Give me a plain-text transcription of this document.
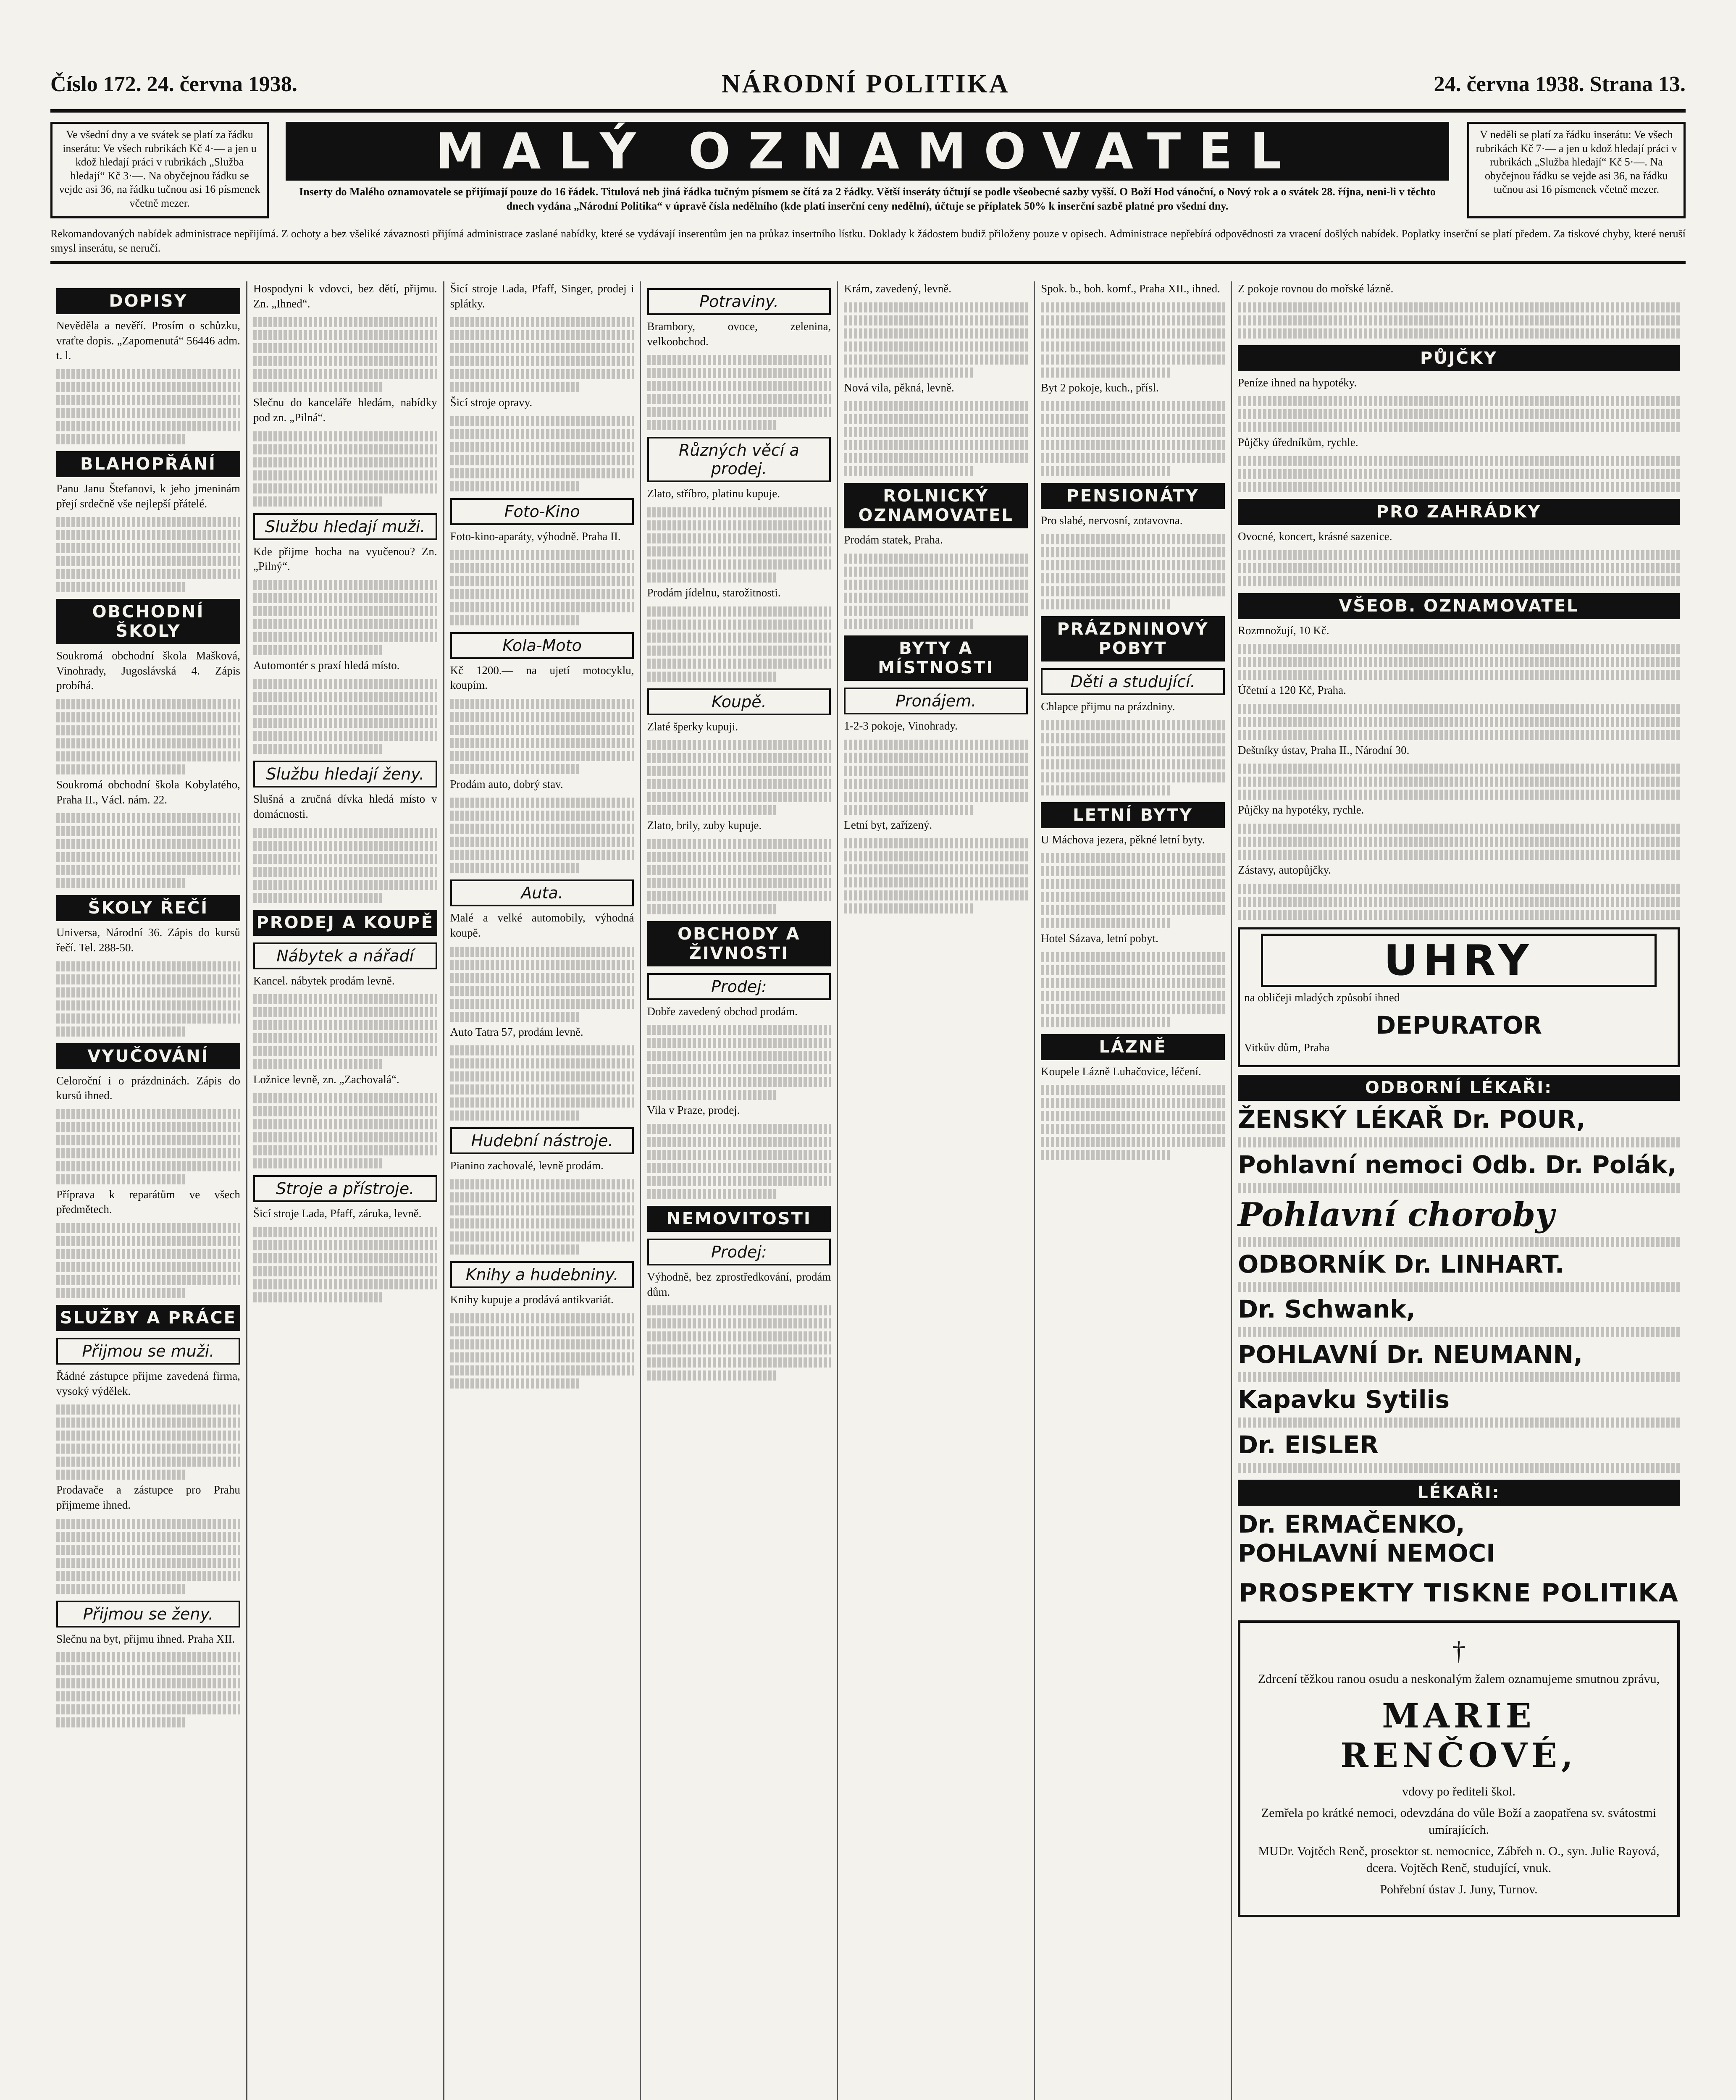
Číslo 172. 24. června 1938.	NÁRODNÍ POLITIKA	24. června 1938. Strana 13.
Ve všední dny a ve svátek se platí za řádku inserátu: Ve všech rubrikách Kč 4·— a jen u kdož hledají práci v rubrikách „Služba hledají“ Kč 3·—. Na obyčejnou řádku se vejde asi 36, na řádku tučnou asi 16 písmenek včetně mezer.
MALÝ OZNAMOVATEL
Inserty do Malého oznamovatele se přijímají pouze do 16 řádek. Titulová neb jiná řádka tučným písmem se čítá za 2 řádky. Větší inseráty účtují se podle všeobecné sazby vyšší. O Boží Hod vánoční, o Nový rok a o svátek 28. října, neni-li v těchto dnech vydána „Národní Politika“ v úpravě čísla nedělního (kde platí inserční ceny nedělní), účtuje se příplatek 50% k inserční sazbě platné pro všední dny.
V neděli se platí za řádku inserátu: Ve všech rubrikách Kč 7·— a jen u kdož hledají práci v rubrikách „Služba hledají“ Kč 5·—. Na obyčejnou řádku se vejde asi 36, na řádku tučnou asi 16 písmenek včetně mezer.
Rekomandovaných nabídek administrace nepřijímá. Z ochoty a bez všeliké závaznosti přijímá administrace zaslané nabídky, které se vydávají inserentům jen na průkaz insertního lístku. Doklady k žádostem budiž přiloženy pouze v opisech. Administrace nepřebírá odpovědnosti za vracení došlých nabídek. Poplatky inserční se platí předem. Za tiskové chyby, které neruší smysl inserátu, se neručí.
DOPISY
Nevěděla a nevěří. Prosím o schůzku, vraťte dopis. „Zapomenutá“ 56446 adm. t. l.
BLAHOPŘÁNÍ
Panu Janu Štefanovi, k jeho jmeninám přejí srdečně vše nejlepší přátelé.
OBCHODNÍ ŠKOLY
Soukromá obchodní škola Mašková, Vinohrady, Jugoslávská 4. Zápis probíhá.
Soukromá obchodní škola Kobylatého, Praha II., Václ. nám. 22.
ŠKOLY ŘEČÍ
Universa, Národní 36. Zápis do kursů řečí. Tel. 288-50.
VYUČOVÁNÍ
Celoroční i o prázdninách. Zápis do kursů ihned.
Příprava k reparátům ve všech předmětech.
SLUŽBY A PRÁCE
Přijmou se muži.
Řádné zástupce přijme zavedená firma, vysoký výdělek.
Prodavače a zástupce pro Prahu přijmeme ihned.
Přijmou se ženy.
Slečnu na byt, přijmu ihned. Praha XII.
Hospodyni k vdovci, bez dětí, přijmu. Zn. „Ihned“.
Slečnu do kanceláře hledám, nabídky pod zn. „Pilná“.
Službu hledají muži.
Kde přijme hocha na vyučenou? Zn. „Pilný“.
Automontér s praxí hledá místo.
Službu hledají ženy.
Slušná a zručná dívka hledá místo v domácnosti.
PRODEJ A KOUPĚ
Nábytek a nářadí
Kancel. nábytek prodám levně.
Ložnice levně, zn. „Zachovalá“.
Stroje a přístroje.
Šicí stroje Lada, Pfaff, záruka, levně.
Šicí stroje Lada, Pfaff, Singer, prodej i splátky.
Šicí stroje opravy.
Foto-Kino
Foto-kino-aparáty, výhodně. Praha II.
Kola-Moto
Kč 1200.— na ujetí motocyklu, koupím.
Prodám auto, dobrý stav.
Auta.
Malé a velké automobily, výhodná koupě.
Auto Tatra 57, prodám levně.
Hudební nástroje.
Pianino zachovalé, levně prodám.
Knihy a hudebniny.
Knihy kupuje a prodává antikvariát.
Potraviny.
Brambory, ovoce, zelenina, velkoobchod.
Různých věcí a prodej.
Zlato, stříbro, platinu kupuje.
Prodám jídelnu, starožitnosti.
Koupě.
Zlaté šperky kupuji.
Zlato, brily, zuby kupuje.
OBCHODY A ŽIVNOSTI
Prodej:
Dobře zavedený obchod prodám.
Vila v Praze, prodej.
NEMOVITOSTI
Prodej:
Výhodně, bez zprostředkování, prodám dům.
Krám, zavedený, levně.
Nová vila, pěkná, levně.
ROLNICKÝ OZNAMOVATEL
Prodám statek, Praha.
BYTY A MÍSTNOSTI
Pronájem.
1-2-3 pokoje, Vinohrady.
Letní byt, zařízený.
Spok. b., boh. komf., Praha XII., ihned.
Byt 2 pokoje, kuch., přísl.
PENSIONÁTY
Pro slabé, nervosní, zotavovna.
PRÁZDNINOVÝ POBYT
Děti a studující.
Chlapce přijmu na prázdniny.
LETNÍ BYTY
U Máchova jezera, pěkné letní byty.
Hotel Sázava, letní pobyt.
LÁZNĚ
Koupele Lázně Luhačovice, léčení.
Z pokoje rovnou do mořské lázně.
PŮJČKY
Peníze ihned na hypotéky.
Půjčky úředníkům, rychle.
PRO ZAHRÁDKY
Ovocné, koncert, krásné sazenice.
VŠEOB. OZNAMOVATEL
Rozmnožují, 10 Kč.
Účetní a 120 Kč, Praha.
Deštníky ústav, Praha II., Národní 30.
Půjčky na hypotéky, rychle.
Zástavy, autopůjčky.
UHRY
na obličeji mladých způsobí ihned
DEPURATOR
Vitkův dům, Praha
ODBORNÍ LÉKAŘI:
ŽENSKÝ LÉKAŘ Dr. POUR,
Pohlavní nemoci Odb. Dr. Polák,
Pohlavní choroby
ODBORNÍK Dr. LINHART.
Dr. Schwank,
POHLAVNÍ Dr. NEUMANN,
Kapavku Sytilis
Dr. EISLER
LÉKAŘI:
Dr. ERMAČENKO,
POHLAVNÍ NEMOCI
PROSPEKTY TISKNE POLITIKA
†

Zdrcení těžkou ranou osudu a neskonalým žalem oznamujeme smutnou zprávu,

MARIE RENČOVÉ,

vdovy po řediteli škol.

Zemřela po krátké nemoci, odevzdána do vůle Boží a zaopatřena sv. svátostmi umírajících.

MUDr. Vojtěch Renč, prosektor st. nemocnice, Zábřeh n. O., syn. Julie Rayová, dcera. Vojtěch Renč, studující, vnuk.

Pohřební ústav J. Juny, Turnov.
